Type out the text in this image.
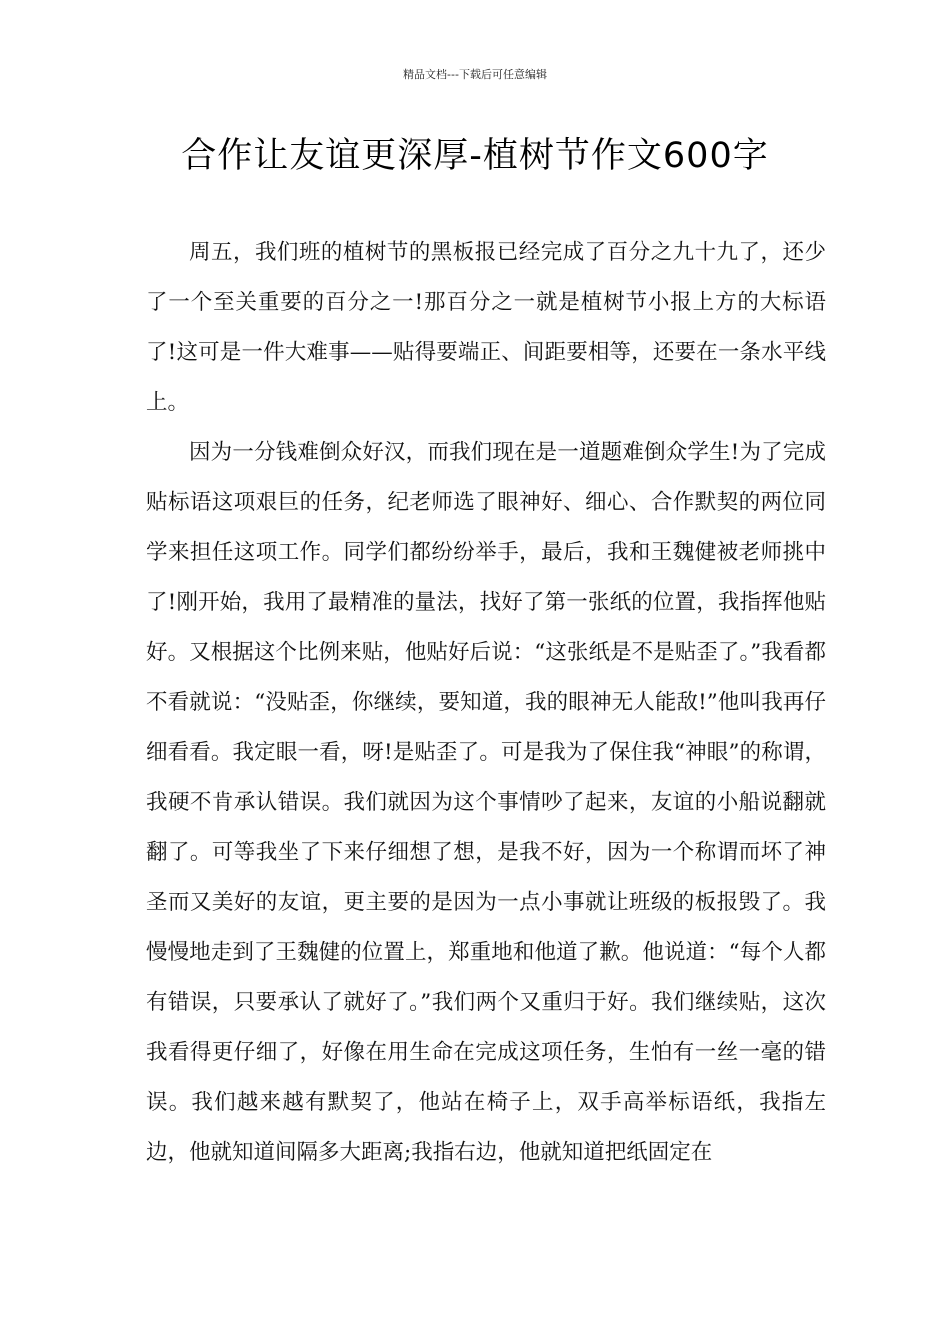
精品文档---下载后可任意编辑
合作让友谊更深厚-植树节作文600字

周五，我们班的植树节的黑板报已经完成了百分之九十九了，还少了一个至关重要的百分之一!那百分之一就是植树节小报上方的大标语了!这可是一件大难事——贴得要端正、间距要相等，还要在一条水平线上。

因为一分钱难倒众好汉，而我们现在是一道题难倒众学生!为了完成贴标语这项艰巨的任务，纪老师选了眼神好、细心、合作默契的两位同学来担任这项工作。同学们都纷纷举手，最后，我和王魏健被老师挑中了!刚开始，我用了最精准的量法，找好了第一张纸的位置，我指挥他贴好。又根据这个比例来贴，他贴好后说：“这张纸是不是贴歪了。”我看都不看就说：“没贴歪，你继续，要知道，我的眼神无人能敌!”他叫我再仔细看看。我定眼一看，呀!是贴歪了。可是我为了保住我“神眼”的称谓，我硬不肯承认错误。我们就因为这个事情吵了起来，友谊的小船说翻就翻了。可等我坐了下来仔细想了想，是我不好，因为一个称谓而坏了神圣而又美好的友谊，更主要的是因为一点小事就让班级的板报毁了。我慢慢地走到了王魏健的位置上，郑重地和他道了歉。他说道：“每个人都有错误，只要承认了就好了。”我们两个又重归于好。我们继续贴，这次我看得更仔细了，好像在用生命在完成这项任务，生怕有一丝一毫的错误。我们越来越有默契了，他站在椅子上，双手高举标语纸，我指左边，他就知道间隔多大距离;我指右边，他就知道把纸固定在
